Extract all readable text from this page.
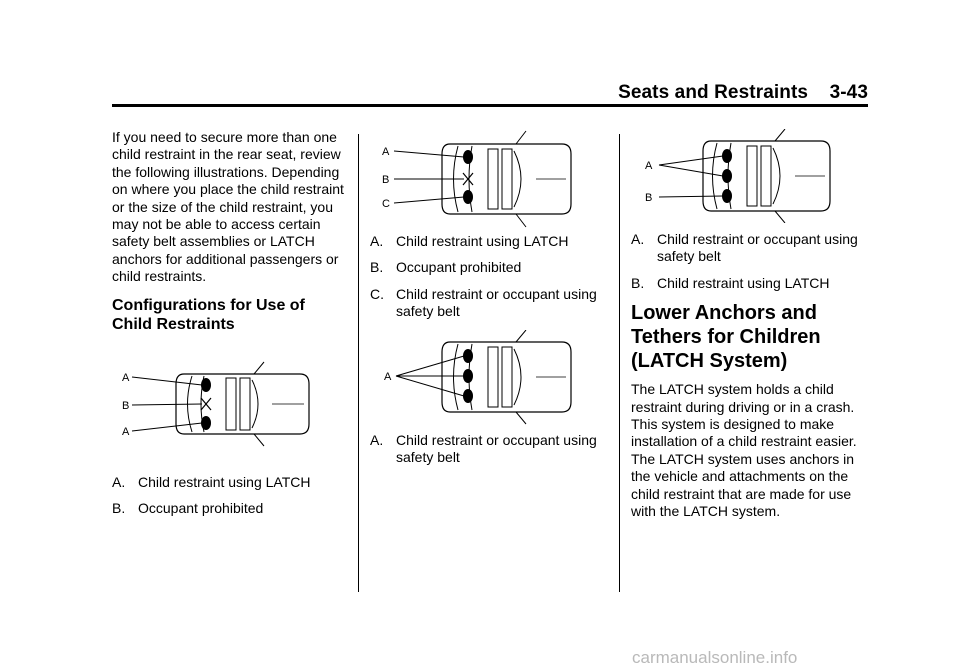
Seats and Restraints 3-43

If you need to secure more than one child restraint in the rear seat, review the following illustrations. Depending on where you place the child restraint or the size of the child restraint, you may not be able to access certain safety belt assemblies or LATCH anchors for additional passengers or child restraints.

Configurations for Use of Child Restraints
A
B
A
A. Child restraint using LATCH
B. Occupant prohibited
A
B
C
A. Child restraint using LATCH
B. Occupant prohibited
C. Child restraint or occupant using safety belt
A
A. Child restraint or occupant using safety belt
A
B
A. Child restraint or occupant using safety belt
B. Child restraint using LATCH
Lower Anchors and Tethers for Children (LATCH System)

The LATCH system holds a child restraint during driving or in a crash. This system is designed to make installation of a child restraint easier. The LATCH system uses anchors in the vehicle and attachments on the child restraint that are made for use with the LATCH system.

carmanualsonline.info
